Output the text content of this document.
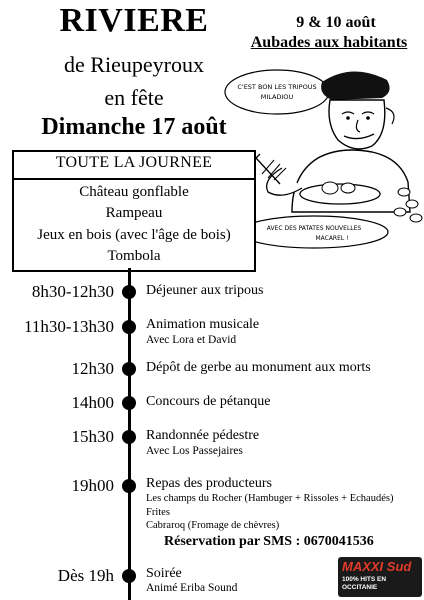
RIVIERE
de Rieupeyroux
en fête
Dimanche 17 août
9 & 10 août
Aubades aux habitants
C'EST BON LES TRIPOUS
MILADIOU
AVEC DES PATATES NOUVELLES
MACAREL !
TOUTE LA JOURNEE
Château gonflable
Rampeau
Jeux en bois (avec l'âge de bois)
Tombola
8h30-12h30 Déjeuner aux tripous
11h30-13h30 Animation musicale
Avec Lora et David
12h30 Dépôt de gerbe au monument aux morts
14h00 Concours de pétanque
15h30 Randonnée pédestre
Avec Los Passejaires
19h00 Repas des producteurs
Les champs du Rocher (Hambuger + Rissoles + Echaudés)
Frites
Cabraroq (Fromage de chèvres)
Réservation par SMS : 0670041536
Dès 19h Soirée
Animé Eriba Sound
MAXXI Sud
100% HITS EN OCCITANIE
